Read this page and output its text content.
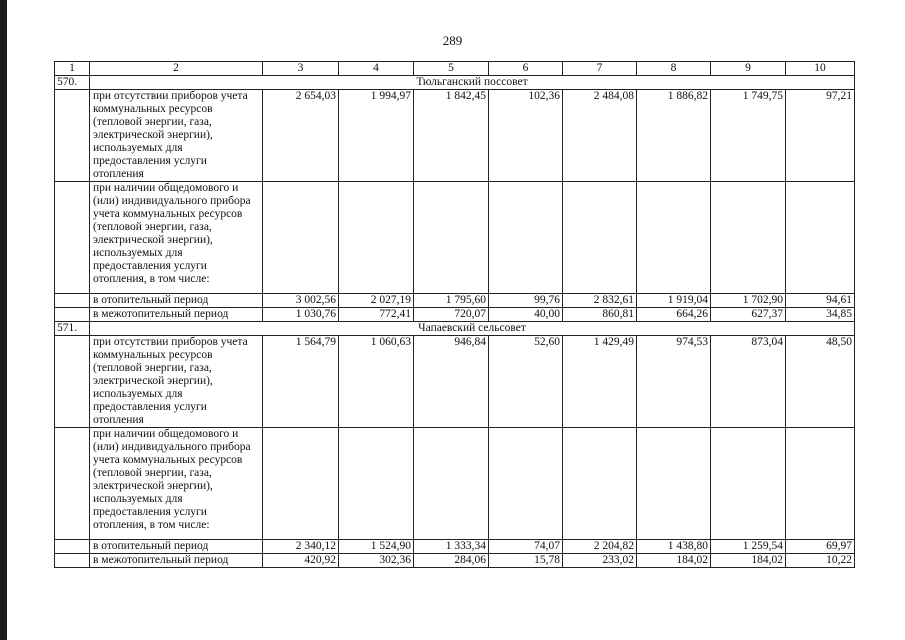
289
1	2	3	4	5	6	7	8	9	10
570.	Тюльганский поссовет								
	при отсутствии приборов учета коммунальных ресурсов (тепловой энергии, газа, электрической энергии), используемых для предоставления услуги отопления	2 654,03	1 994,97	1 842,45	102,36	2 484,08	1 886,82	1 749,75	97,21
	при наличии общедомового и (или) индивидуального прибора учета коммунальных ресурсов (тепловой энергии, газа, электрической энергии), используемых для предоставления услуги отопления, в том числе:								
	в отопительный период	3 002,56	2 027,19	1 795,60	99,76	2 832,61	1 919,04	1 702,90	94,61
	в межотопительный период	1 030,76	772,41	720,07	40,00	860,81	664,26	627,37	34,85
571.	Чапаевский сельсовет								
	при отсутствии приборов учета коммунальных ресурсов (тепловой энергии, газа, электрической энергии), используемых для предоставления услуги отопления	1 564,79	1 060,63	946,84	52,60	1 429,49	974,53	873,04	48,50
	при наличии общедомового и (или) индивидуального прибора учета коммунальных ресурсов (тепловой энергии, газа, электрической энергии), используемых для предоставления услуги отопления, в том числе:								
	в отопительный период	2 340,12	1 524,90	1 333,34	74,07	2 204,82	1 438,80	1 259,54	69,97
	в межотопительный период	420,92	302,36	284,06	15,78	233,02	184,02	184,02	10,22
